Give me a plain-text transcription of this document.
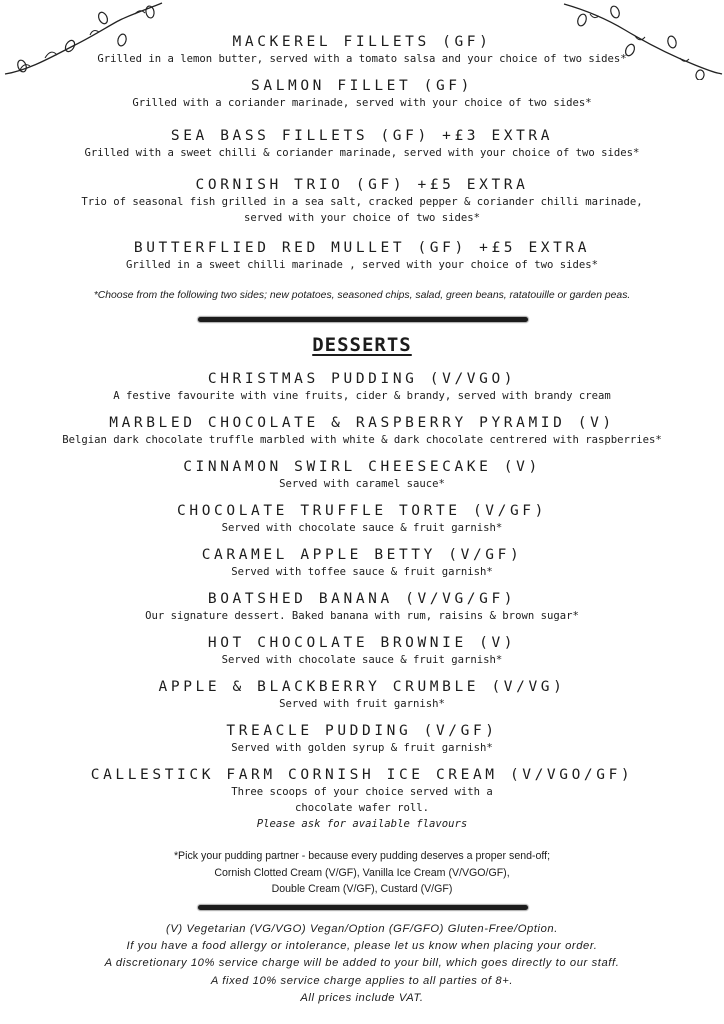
MACKEREL FILLETS (GF)
Grilled in a lemon butter, served with a tomato salsa and your choice of two sides*
SALMON FILLET (GF)
Grilled with a coriander marinade, served with your choice of two sides*
SEA BASS FILLETS (GF) +£3 EXTRA
Grilled with a sweet chilli & coriander marinade, served with your choice of two sides*
CORNISH TRIO (GF) +£5 EXTRA
Trio of seasonal fish grilled in a sea salt, cracked pepper & coriander chilli marinade,
served with your choice of two sides*
BUTTERFLIED RED MULLET (GF) +£5 EXTRA
Grilled in a sweet chilli marinade , served with your choice of two sides*
*Choose from the following two sides; new potatoes, seasoned chips, salad, green beans, ratatouille or garden peas.
DESSERTS
CHRISTMAS PUDDING (V/VGO)
A festive favourite with vine fruits, cider & brandy, served with brandy cream
MARBLED CHOCOLATE & RASPBERRY PYRAMID (V)
Belgian dark chocolate truffle marbled with white & dark chocolate centrered with raspberries*
CINNAMON SWIRL CHEESECAKE (V)
Served with caramel sauce*
CHOCOLATE TRUFFLE TORTE (V/GF)
Served with chocolate sauce & fruit garnish*
CARAMEL APPLE BETTY (V/GF)
Served with toffee sauce & fruit garnish*
BOATSHED BANANA (V/VG/GF)
Our signature dessert. Baked banana with rum, raisins & brown sugar*
HOT CHOCOLATE BROWNIE (V)
Served with chocolate sauce & fruit garnish*
APPLE & BLACKBERRY CRUMBLE (V/VG)
Served with fruit garnish*
TREACLE PUDDING (V/GF)
Served with golden syrup & fruit garnish*
CALLESTICK FARM CORNISH ICE CREAM (V/VGO/GF)
Three scoops of your choice served with a
chocolate wafer roll.
Please ask for available flavours
*Pick your pudding partner - because every pudding deserves a proper send-off;
Cornish Clotted Cream (V/GF), Vanilla Ice Cream (V/VGO/GF),
Double Cream (V/GF), Custard (V/GF)
(V) Vegetarian (VG/VGO) Vegan/Option (GF/GFO) Gluten-Free/Option.
If you have a food allergy or intolerance, please let us know when placing your order.
A discretionary 10% service charge will be added to your bill, which goes directly to our staff.
A fixed 10% service charge applies to all parties of 8+.
All prices include VAT.
